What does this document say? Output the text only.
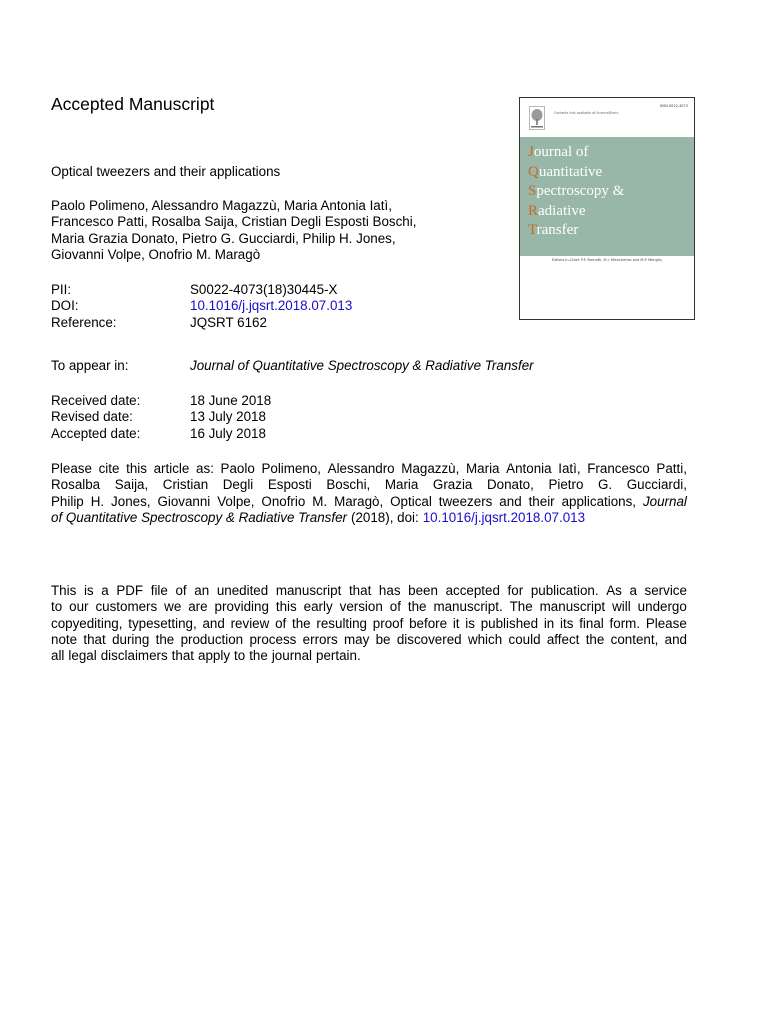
Accepted Manuscript
Optical tweezers and their applications
Paolo Polimeno, Alessandro Magazzù, Maria Antonia Iatì,
Francesco Patti, Rosalba Saija, Cristian Degli Esposti Boschi,
Maria Grazia Donato, Pietro G. Gucciardi, Philip H. Jones,
Giovanni Volpe, Onofrio M. Maragò
PII:	S0022-4073(18)30445-X
DOI:	10.1016/j.jqsrt.2018.07.013
Reference:	JQSRT 6162
To appear in:	Journal of Quantitative Spectroscopy & Radiative Transfer
Received date:	18 June 2018
Revised date:	13 July 2018
Accepted date:	16 July 2018
Please cite this article as: Paolo Polimeno, Alessandro Magazzù, Maria Antonia Iatì, Francesco Patti,
Rosalba Saija, Cristian Degli Esposti Boschi, Maria Grazia Donato, Pietro G. Gucciardi,
Philip H. Jones, Giovanni Volpe, Onofrio M. Maragò, Optical tweezers and their applications, Journal
of Quantitative Spectroscopy & Radiative Transfer (2018), doi: 10.1016/j.jqsrt.2018.07.013
This is a PDF file of an unedited manuscript that has been accepted for publication. As a service
to our customers we are providing this early version of the manuscript. The manuscript will undergo
copyediting, typesetting, and review of the resulting proof before it is published in its final form. Please
note that during the production process errors may be discovered which could affect the content, and
all legal disclaimers that apply to the journal pertain.
Contents lists available at ScienceDirect
ISSN 0022-4073
Journal of
Quantitative
Spectroscopy &
Radiative
Transfer
Editors-in-Chief: P.F. Bernath, M.I. Mishchenko and M.P. Mengüç
